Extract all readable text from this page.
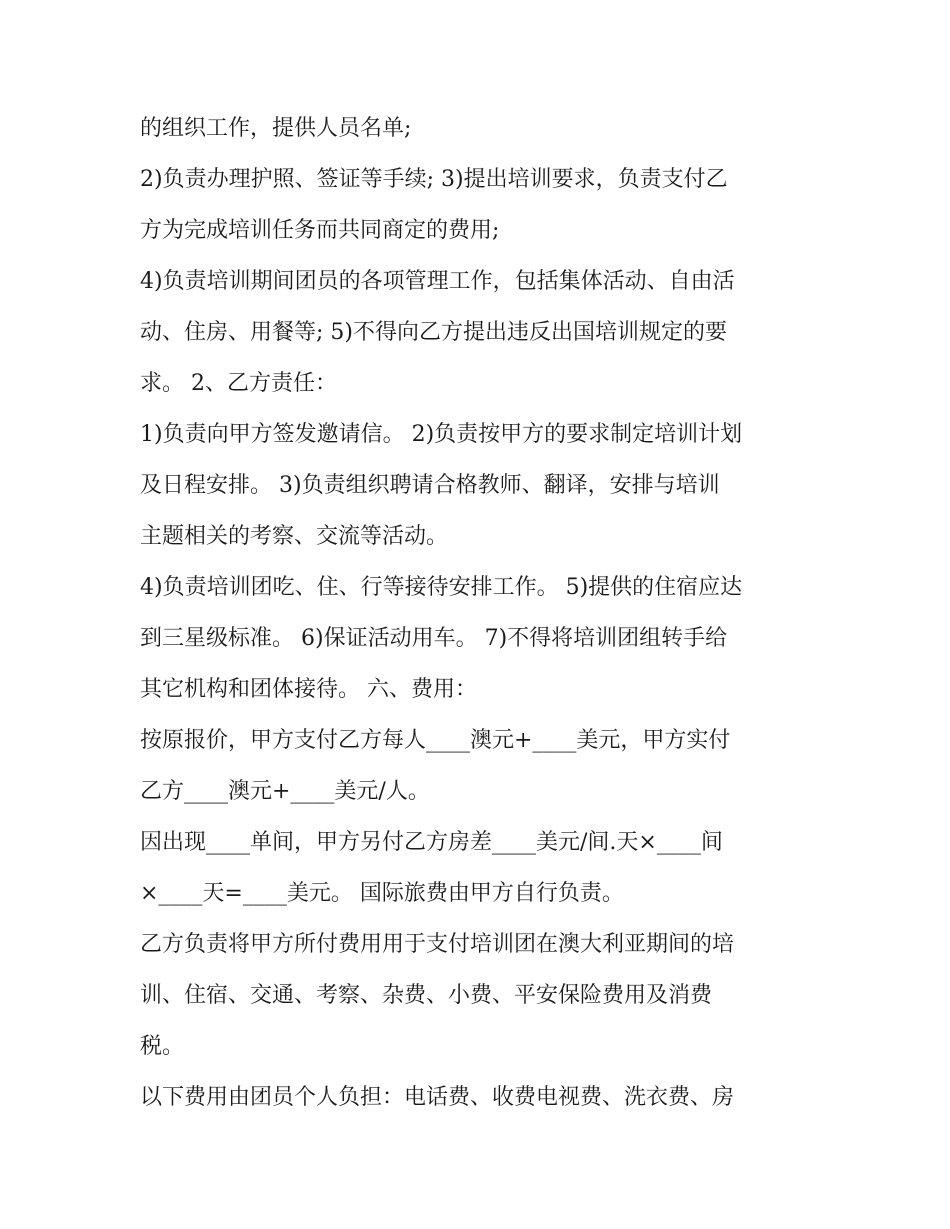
的组织工作，提供人员名单;
2)负责办理护照、签证等手续; 3)提出培训要求，负责支付乙
方为完成培训任务而共同商定的费用;
4)负责培训期间团员的各项管理工作，包括集体活动、自由活
动、住房、用餐等; 5)不得向乙方提出违反出国培训规定的要
求。 2、乙方责任：
1)负责向甲方签发邀请信。 2)负责按甲方的要求制定培训计划
及日程安排。 3)负责组织聘请合格教师、翻译，安排与培训
主题相关的考察、交流等活动。
4)负责培训团吃、住、行等接待安排工作。 5)提供的住宿应达
到三星级标准。 6)保证活动用车。 7)不得将培训团组转手给
其它机构和团体接待。 六、费用：
按原报价，甲方支付乙方每人____澳元+____美元，甲方实付
乙方____澳元+____美元/人。
因出现____单间，甲方另付乙方房差____美元/间.天×____间
×____天=____美元。 国际旅费由甲方自行负责。
乙方负责将甲方所付费用用于支付培训团在澳大利亚期间的培
训、住宿、交通、考察、杂费、小费、平安保险费用及消费
税。
以下费用由团员个人负担：电话费、收费电视费、洗衣费、房
